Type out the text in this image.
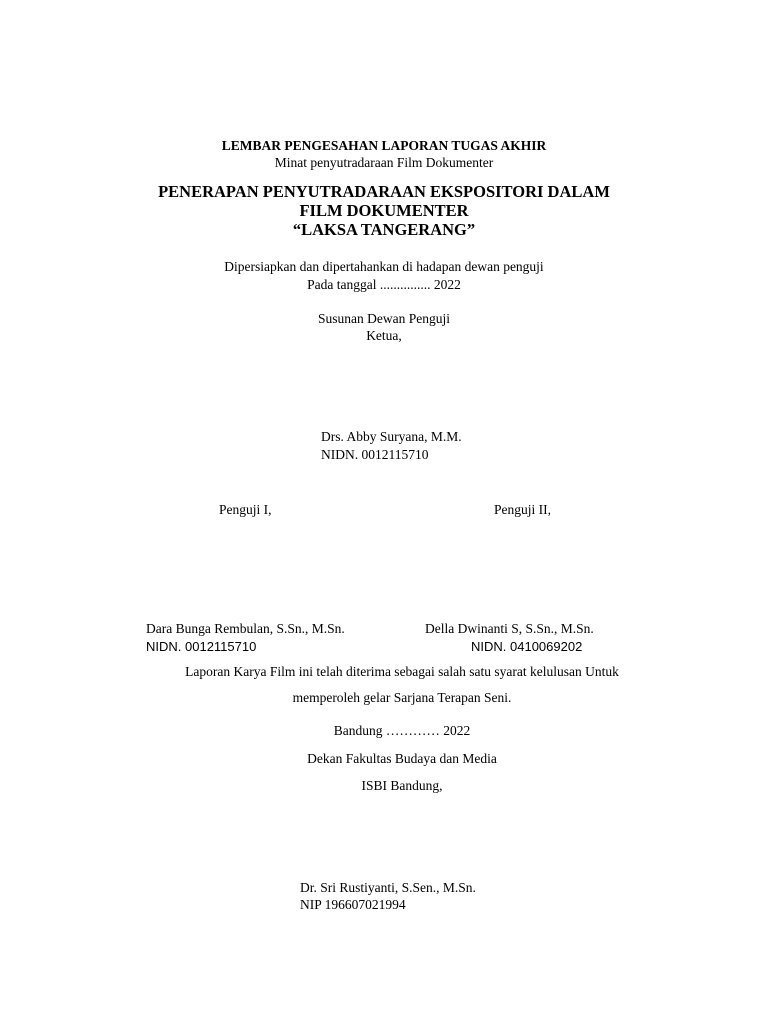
LEMBAR PENGESAHAN LAPORAN TUGAS AKHIR
Minat penyutradaraan Film Dokumenter
PENERAPAN PENYUTRADARAAN EKSPOSITORI DALAM
FILM DOKUMENTER
“LAKSA TANGERANG”
Dipersiapkan dan dipertahankan di hadapan dewan penguji
Pada tanggal ............... 2022
Susunan Dewan Penguji
Ketua,
Drs. Abby Suryana, M.M.
NIDN. 0012115710
Penguji I,	Penguji II,
Dara Bunga Rembulan, S.Sn., M.Sn.
NIDN. 0012115710
Della Dwinanti S, S.Sn., M.Sn.
NIDN. 0410069202
Laporan Karya Film ini telah diterima sebagai salah satu syarat kelulusan Untuk
memperoleh gelar Sarjana Terapan Seni.
Bandung ………… 2022
Dekan Fakultas Budaya dan Media
ISBI Bandung,
Dr. Sri Rustiyanti, S.Sen., M.Sn.
NIP 196607021994
